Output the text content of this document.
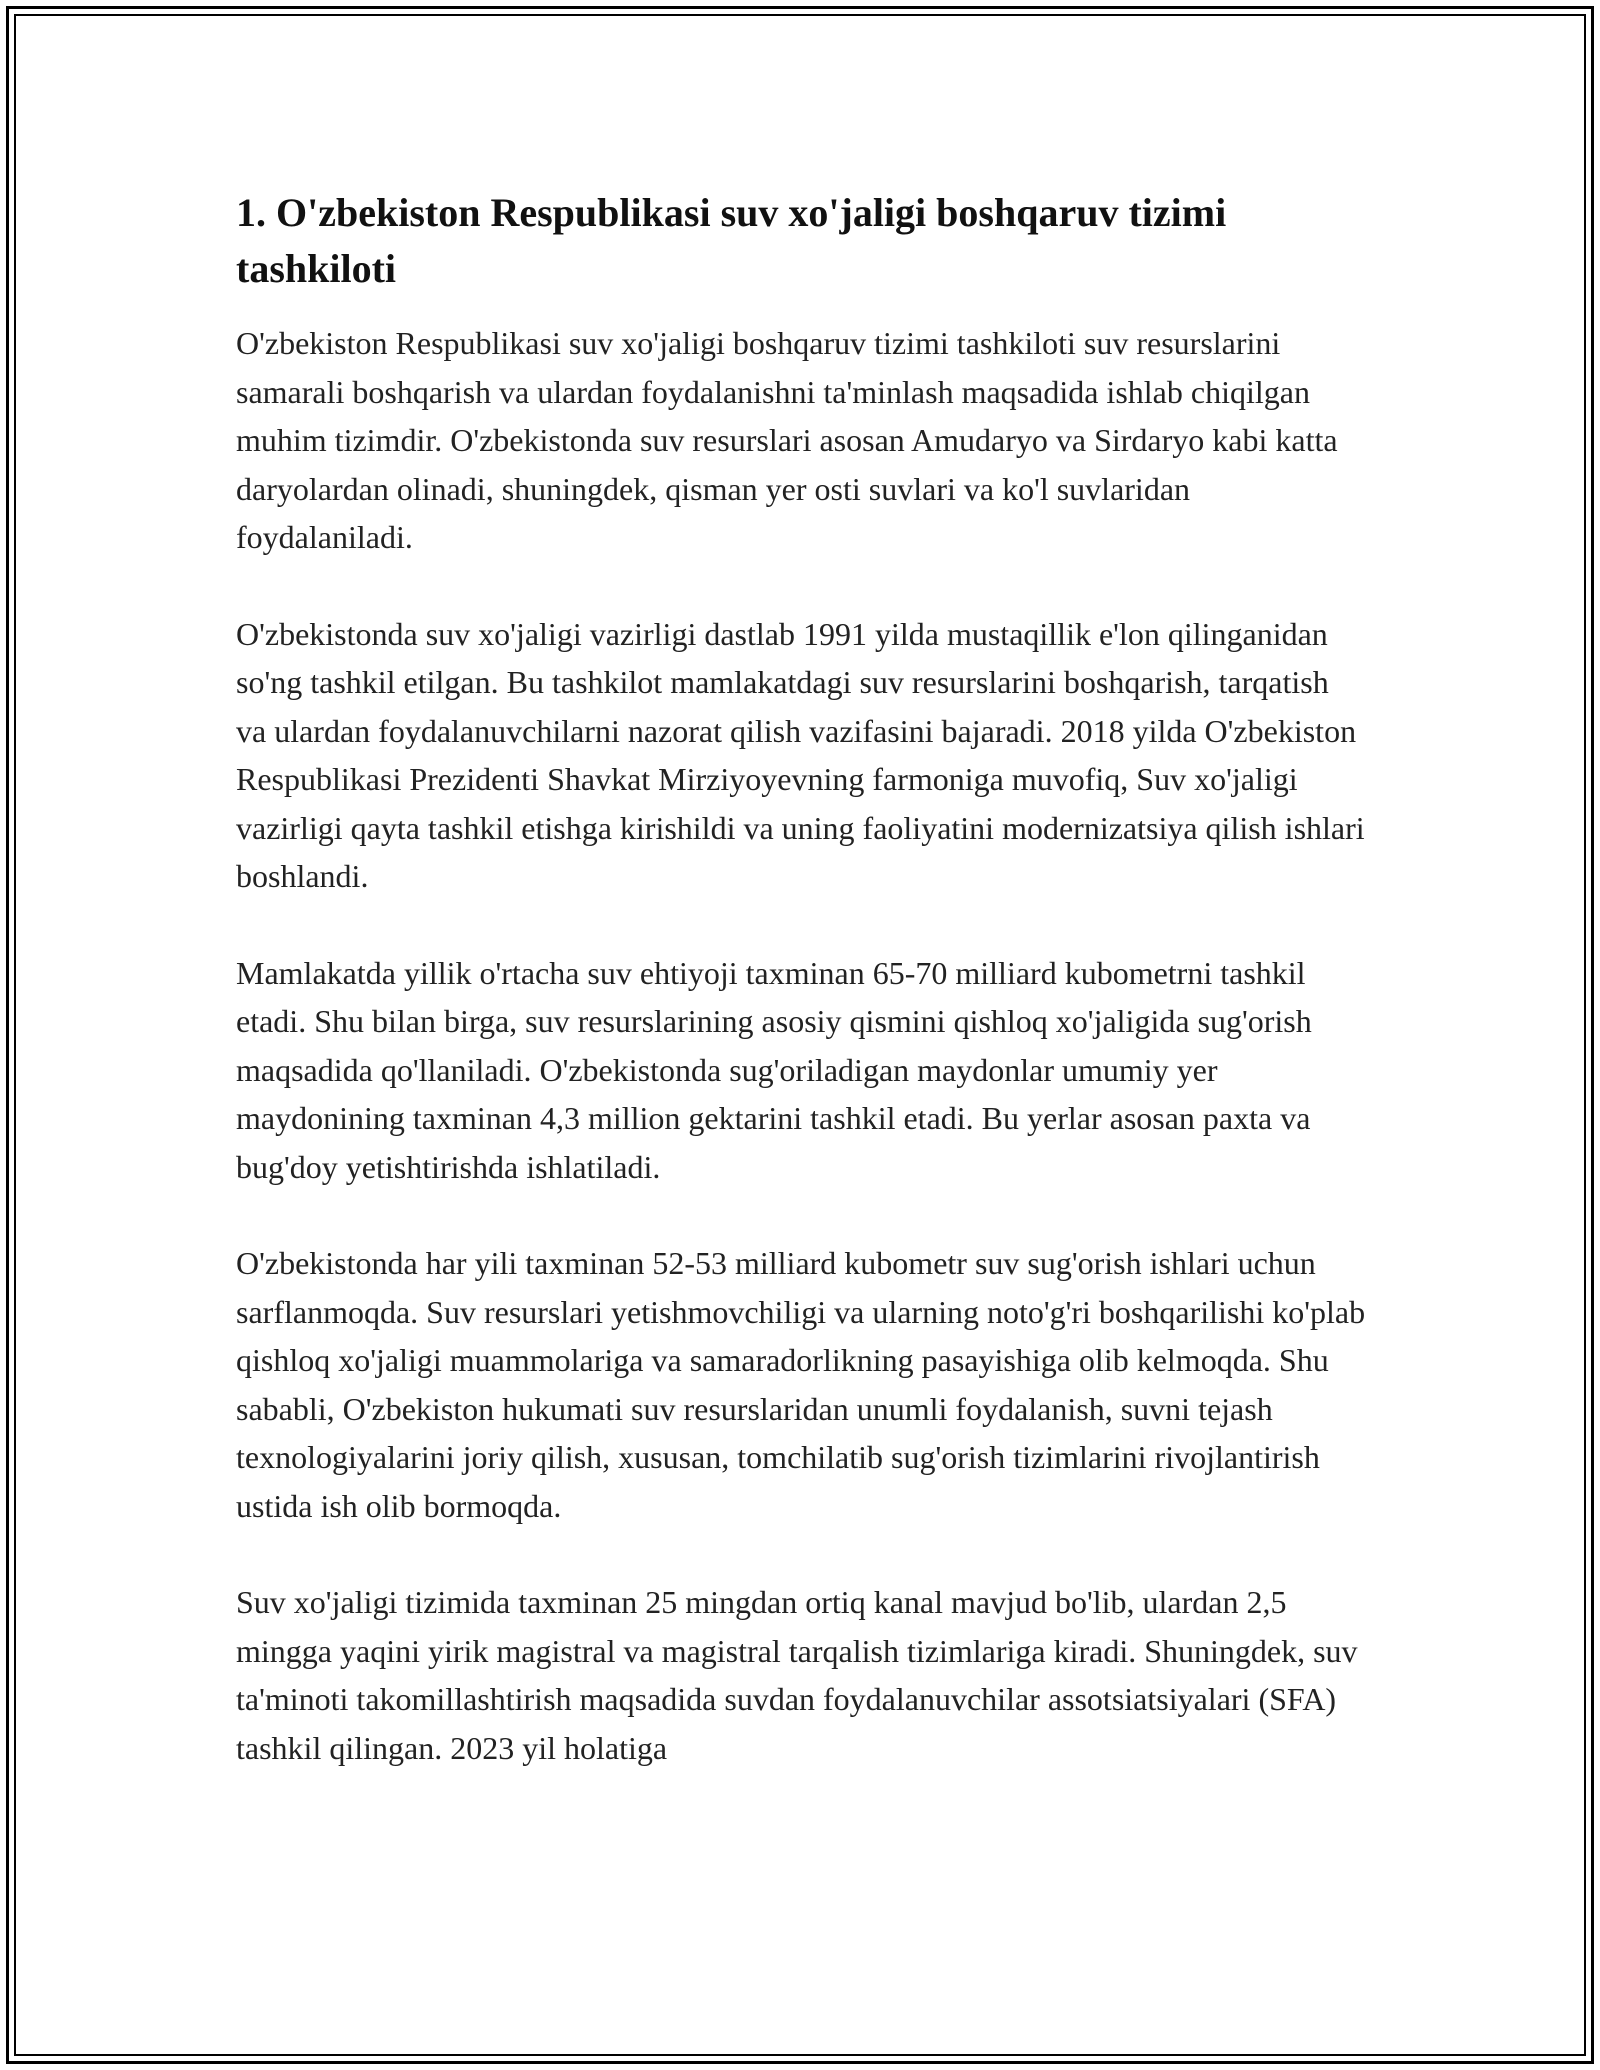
1. O'zbekiston Respublikasi suv xo'jaligi boshqaruv tizimi tashkiloti

O'zbekiston Respublikasi suv xo'jaligi boshqaruv tizimi tashkiloti suv resurslarini samarali boshqarish va ulardan foydalanishni ta'minlash maqsadida ishlab chiqilgan muhim tizimdir. O'zbekistonda suv resurslari asosan Amudaryo va Sirdaryo kabi katta daryolardan olinadi, shuningdek, qisman yer osti suvlari va ko'l suvlaridan foydalaniladi.

O'zbekistonda suv xo'jaligi vazirligi dastlab 1991 yilda mustaqillik e'lon qilinganidan so'ng tashkil etilgan. Bu tashkilot mamlakatdagi suv resurslarini boshqarish, tarqatish va ulardan foydalanuvchilarni nazorat qilish vazifasini bajaradi. 2018 yilda O'zbekiston Respublikasi Prezidenti Shavkat Mirziyoyevning farmoniga muvofiq, Suv xo'jaligi vazirligi qayta tashkil etishga kirishildi va uning faoliyatini modernizatsiya qilish ishlari boshlandi.

Mamlakatda yillik o'rtacha suv ehtiyoji taxminan 65-70 milliard kubometrni tashkil etadi. Shu bilan birga, suv resurslarining asosiy qismini qishloq xo'jaligida sug'orish maqsadida qo'llaniladi. O'zbekistonda sug'oriladigan maydonlar umumiy yer maydonining taxminan 4,3 million gektarini tashkil etadi. Bu yerlar asosan paxta va bug'doy yetishtirishda ishlatiladi.

O'zbekistonda har yili taxminan 52-53 milliard kubometr suv sug'orish ishlari uchun sarflanmoqda. Suv resurslari yetishmovchiligi va ularning noto'g'ri boshqarilishi ko'plab qishloq xo'jaligi muammolariga va samaradorlikning pasayishiga olib kelmoqda. Shu sababli, O'zbekiston hukumati suv resurslaridan unumli foydalanish, suvni tejash texnologiyalarini joriy qilish, xususan, tomchilatib sug'orish tizimlarini rivojlantirish ustida ish olib bormoqda.

Suv xo'jaligi tizimida taxminan 25 mingdan ortiq kanal mavjud bo'lib, ulardan 2,5 mingga yaqini yirik magistral va magistral tarqalish tizimlariga kiradi. Shuningdek, suv ta'minoti takomillashtirish maqsadida suvdan foydalanuvchilar assotsiatsiyalari (SFA) tashkil qilingan. 2023 yil holatiga
